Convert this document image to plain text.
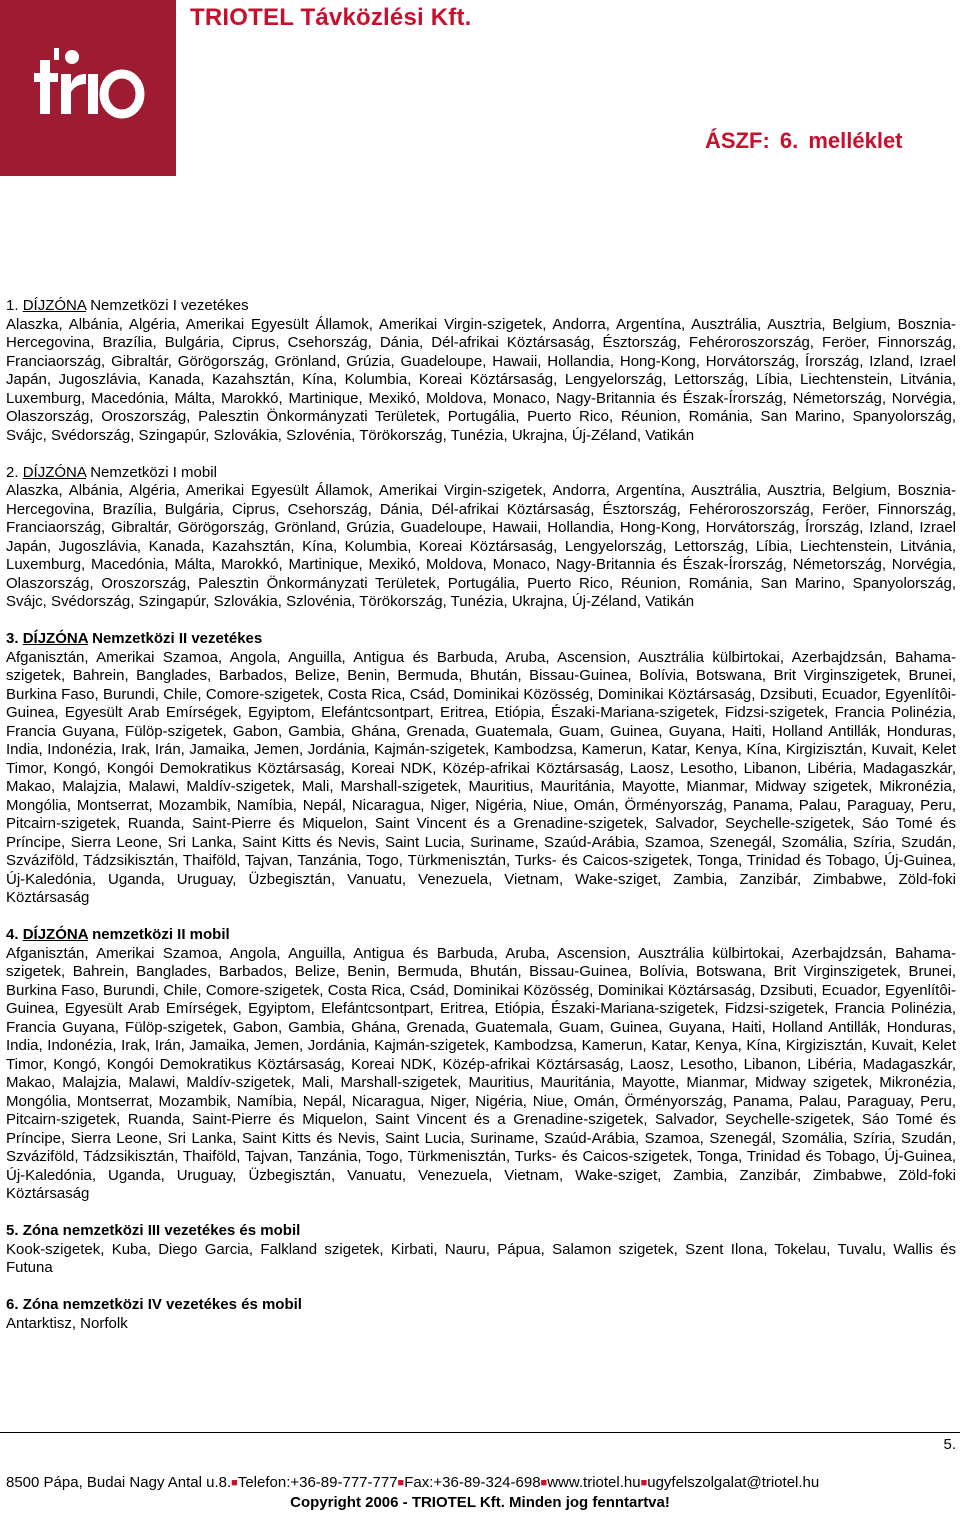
TRIOTEL Távközlési Kft.
ÁSZF: 6. melléklet
1. DÍJZÓNA Nemzetközi I vezetékes

Alaszka, Albánia, Algéria, Amerikai Egyesült Államok, Amerikai Virgin-szigetek, Andorra, Argentína, Ausztrália, Ausztria, Belgium, Bosznia-Hercegovina, Brazília, Bulgária, Ciprus, Csehország, Dánia, Dél-afrikai Köztársaság, Észtország, Fehéroroszország, Feröer, Finnország, Franciaország, Gibraltár, Görögország, Grönland, Grúzia, Guadeloupe, Hawaii, Hollandia, Hong-Kong, Horvátország, Írország, Izland, Izrael Japán, Jugoszlávia, Kanada, Kazahsztán, Kína, Kolumbia, Koreai Köztársaság, Lengyelország, Lettország, Líbia, Liechtenstein, Litvánia, Luxemburg, Macedónia, Málta, Marokkó, Martinique, Mexikó, Moldova, Monaco, Nagy-Britannia és Észak-Írország, Németország, Norvégia, Olaszország, Oroszország, Palesztin Önkormányzati Területek, Portugália, Puerto Rico, Réunion, Románia, San Marino, Spanyolország, Svájc, Svédország, Szingapúr, Szlovákia, Szlovénia, Törökország, Tunézia, Ukrajna, Új-Zéland, Vatikán

2. DÍJZÓNA Nemzetközi I mobil

Alaszka, Albánia, Algéria, Amerikai Egyesült Államok, Amerikai Virgin-szigetek, Andorra, Argentína, Ausztrália, Ausztria, Belgium, Bosznia-Hercegovina, Brazília, Bulgária, Ciprus, Csehország, Dánia, Dél-afrikai Köztársaság, Észtország, Fehéroroszország, Feröer, Finnország, Franciaország, Gibraltár, Görögország, Grönland, Grúzia, Guadeloupe, Hawaii, Hollandia, Hong-Kong, Horvátország, Írország, Izland, Izrael Japán, Jugoszlávia, Kanada, Kazahsztán, Kína, Kolumbia, Koreai Köztársaság, Lengyelország, Lettország, Líbia, Liechtenstein, Litvánia, Luxemburg, Macedónia, Málta, Marokkó, Martinique, Mexikó, Moldova, Monaco, Nagy-Britannia és Észak-Írország, Németország, Norvégia, Olaszország, Oroszország, Palesztin Önkormányzati Területek, Portugália, Puerto Rico, Réunion, Románia, San Marino, Spanyolország, Svájc, Svédország, Szingapúr, Szlovákia, Szlovénia, Törökország, Tunézia, Ukrajna, Új-Zéland, Vatikán

3. DÍJZÓNA Nemzetközi II vezetékes

Afganisztán, Amerikai Szamoa, Angola, Anguilla, Antigua és Barbuda, Aruba, Ascension, Ausztrália külbirtokai, Azerbajdzsán, Bahama-szigetek, Bahrein, Banglades, Barbados, Belize, Benin, Bermuda, Bhután, Bissau-Guinea, Bolívia, Botswana, Brit Virginszigetek, Brunei, Burkina Faso, Burundi, Chile, Comore-szigetek, Costa Rica, Csád, Dominikai Közösség, Dominikai Köztársaság, Dzsibuti, Ecuador, Egyenlítôi-Guinea, Egyesült Arab Emírségek, Egyiptom, Elefántcsontpart, Eritrea, Etiópia, Északi-Mariana-szigetek, Fidzsi-szigetek, Francia Polinézia, Francia Guyana, Fülöp-szigetek, Gabon, Gambia, Ghána, Grenada, Guatemala, Guam, Guinea, Guyana, Haiti, Holland Antillák, Honduras, India, Indonézia, Irak, Irán, Jamaika, Jemen, Jordánia, Kajmán-szigetek, Kambodzsa, Kamerun, Katar, Kenya, Kína, Kirgizisztán, Kuvait, Kelet Timor, Kongó, Kongói Demokratikus Köztársaság, Koreai NDK, Közép-afrikai Köztársaság, Laosz, Lesotho, Libanon, Libéria, Madagaszkár, Makao, Malajzia, Malawi, Maldív-szigetek, Mali, Marshall-szigetek, Mauritius, Mauritánia, Mayotte, Mianmar, Midway szigetek, Mikronézia, Mongólia, Montserrat, Mozambik, Namíbia, Nepál, Nicaragua, Niger, Nigéria, Niue, Omán, Örményország, Panama, Palau, Paraguay, Peru, Pitcairn-szigetek, Ruanda, Saint-Pierre és Miquelon, Saint Vincent és a Grenadine-szigetek, Salvador, Seychelle-szigetek, Sáo Tomé és Príncipe, Sierra Leone, Sri Lanka, Saint Kitts és Nevis, Saint Lucia, Suriname, Szaúd-Arábia, Szamoa, Szenegál, Szomália, Szíria, Szudán, Szváziföld, Tádzsikisztán, Thaiföld, Tajvan, Tanzánia, Togo, Türkmenisztán, Turks- és Caicos-szigetek, Tonga, Trinidad és Tobago, Új-Guinea, Új-Kaledónia, Uganda, Uruguay, Üzbegisztán, Vanuatu, Venezuela, Vietnam, Wake-sziget, Zambia, Zanzibár, Zimbabwe, Zöld-foki Köztársaság

4. DÍJZÓNA nemzetközi II mobil

Afganisztán, Amerikai Szamoa, Angola, Anguilla, Antigua és Barbuda, Aruba, Ascension, Ausztrália külbirtokai, Azerbajdzsán, Bahama-szigetek, Bahrein, Banglades, Barbados, Belize, Benin, Bermuda, Bhután, Bissau-Guinea, Bolívia, Botswana, Brit Virginszigetek, Brunei, Burkina Faso, Burundi, Chile, Comore-szigetek, Costa Rica, Csád, Dominikai Közösség, Dominikai Köztársaság, Dzsibuti, Ecuador, Egyenlítôi-Guinea, Egyesült Arab Emírségek, Egyiptom, Elefántcsontpart, Eritrea, Etiópia, Északi-Mariana-szigetek, Fidzsi-szigetek, Francia Polinézia, Francia Guyana, Fülöp-szigetek, Gabon, Gambia, Ghána, Grenada, Guatemala, Guam, Guinea, Guyana, Haiti, Holland Antillák, Honduras, India, Indonézia, Irak, Irán, Jamaika, Jemen, Jordánia, Kajmán-szigetek, Kambodzsa, Kamerun, Katar, Kenya, Kína, Kirgizisztán, Kuvait, Kelet Timor, Kongó, Kongói Demokratikus Köztársaság, Koreai NDK, Közép-afrikai Köztársaság, Laosz, Lesotho, Libanon, Libéria, Madagaszkár, Makao, Malajzia, Malawi, Maldív-szigetek, Mali, Marshall-szigetek, Mauritius, Mauritánia, Mayotte, Mianmar, Midway szigetek, Mikronézia, Mongólia, Montserrat, Mozambik, Namíbia, Nepál, Nicaragua, Niger, Nigéria, Niue, Omán, Örményország, Panama, Palau, Paraguay, Peru, Pitcairn-szigetek, Ruanda, Saint-Pierre és Miquelon, Saint Vincent és a Grenadine-szigetek, Salvador, Seychelle-szigetek, Sáo Tomé és Príncipe, Sierra Leone, Sri Lanka, Saint Kitts és Nevis, Saint Lucia, Suriname, Szaúd-Arábia, Szamoa, Szenegál, Szomália, Szíria, Szudán, Szváziföld, Tádzsikisztán, Thaiföld, Tajvan, Tanzánia, Togo, Türkmenisztán, Turks- és Caicos-szigetek, Tonga, Trinidad és Tobago, Új-Guinea, Új-Kaledónia, Uganda, Uruguay, Üzbegisztán, Vanuatu, Venezuela, Vietnam, Wake-sziget, Zambia, Zanzibár, Zimbabwe, Zöld-foki Köztársaság

5. Zóna nemzetközi III vezetékes és mobil

Kook-szigetek, Kuba, Diego Garcia, Falkland szigetek, Kirbati, Nauru, Pápua, Salamon szigetek, Szent Ilona, Tokelau, Tuvalu, Wallis és Futuna

6. Zóna nemzetközi IV vezetékes és mobil

Antarktisz, Norfolk

5.
8500 Pápa, Budai Nagy Antal u.8.■Telefon:+36-89-777-777■Fax:+36-89-324-698■www.triotel.hu■ugyfelszolgalat@triotel.hu
Copyright 2006 - TRIOTEL Kft. Minden jog fenntartva!
